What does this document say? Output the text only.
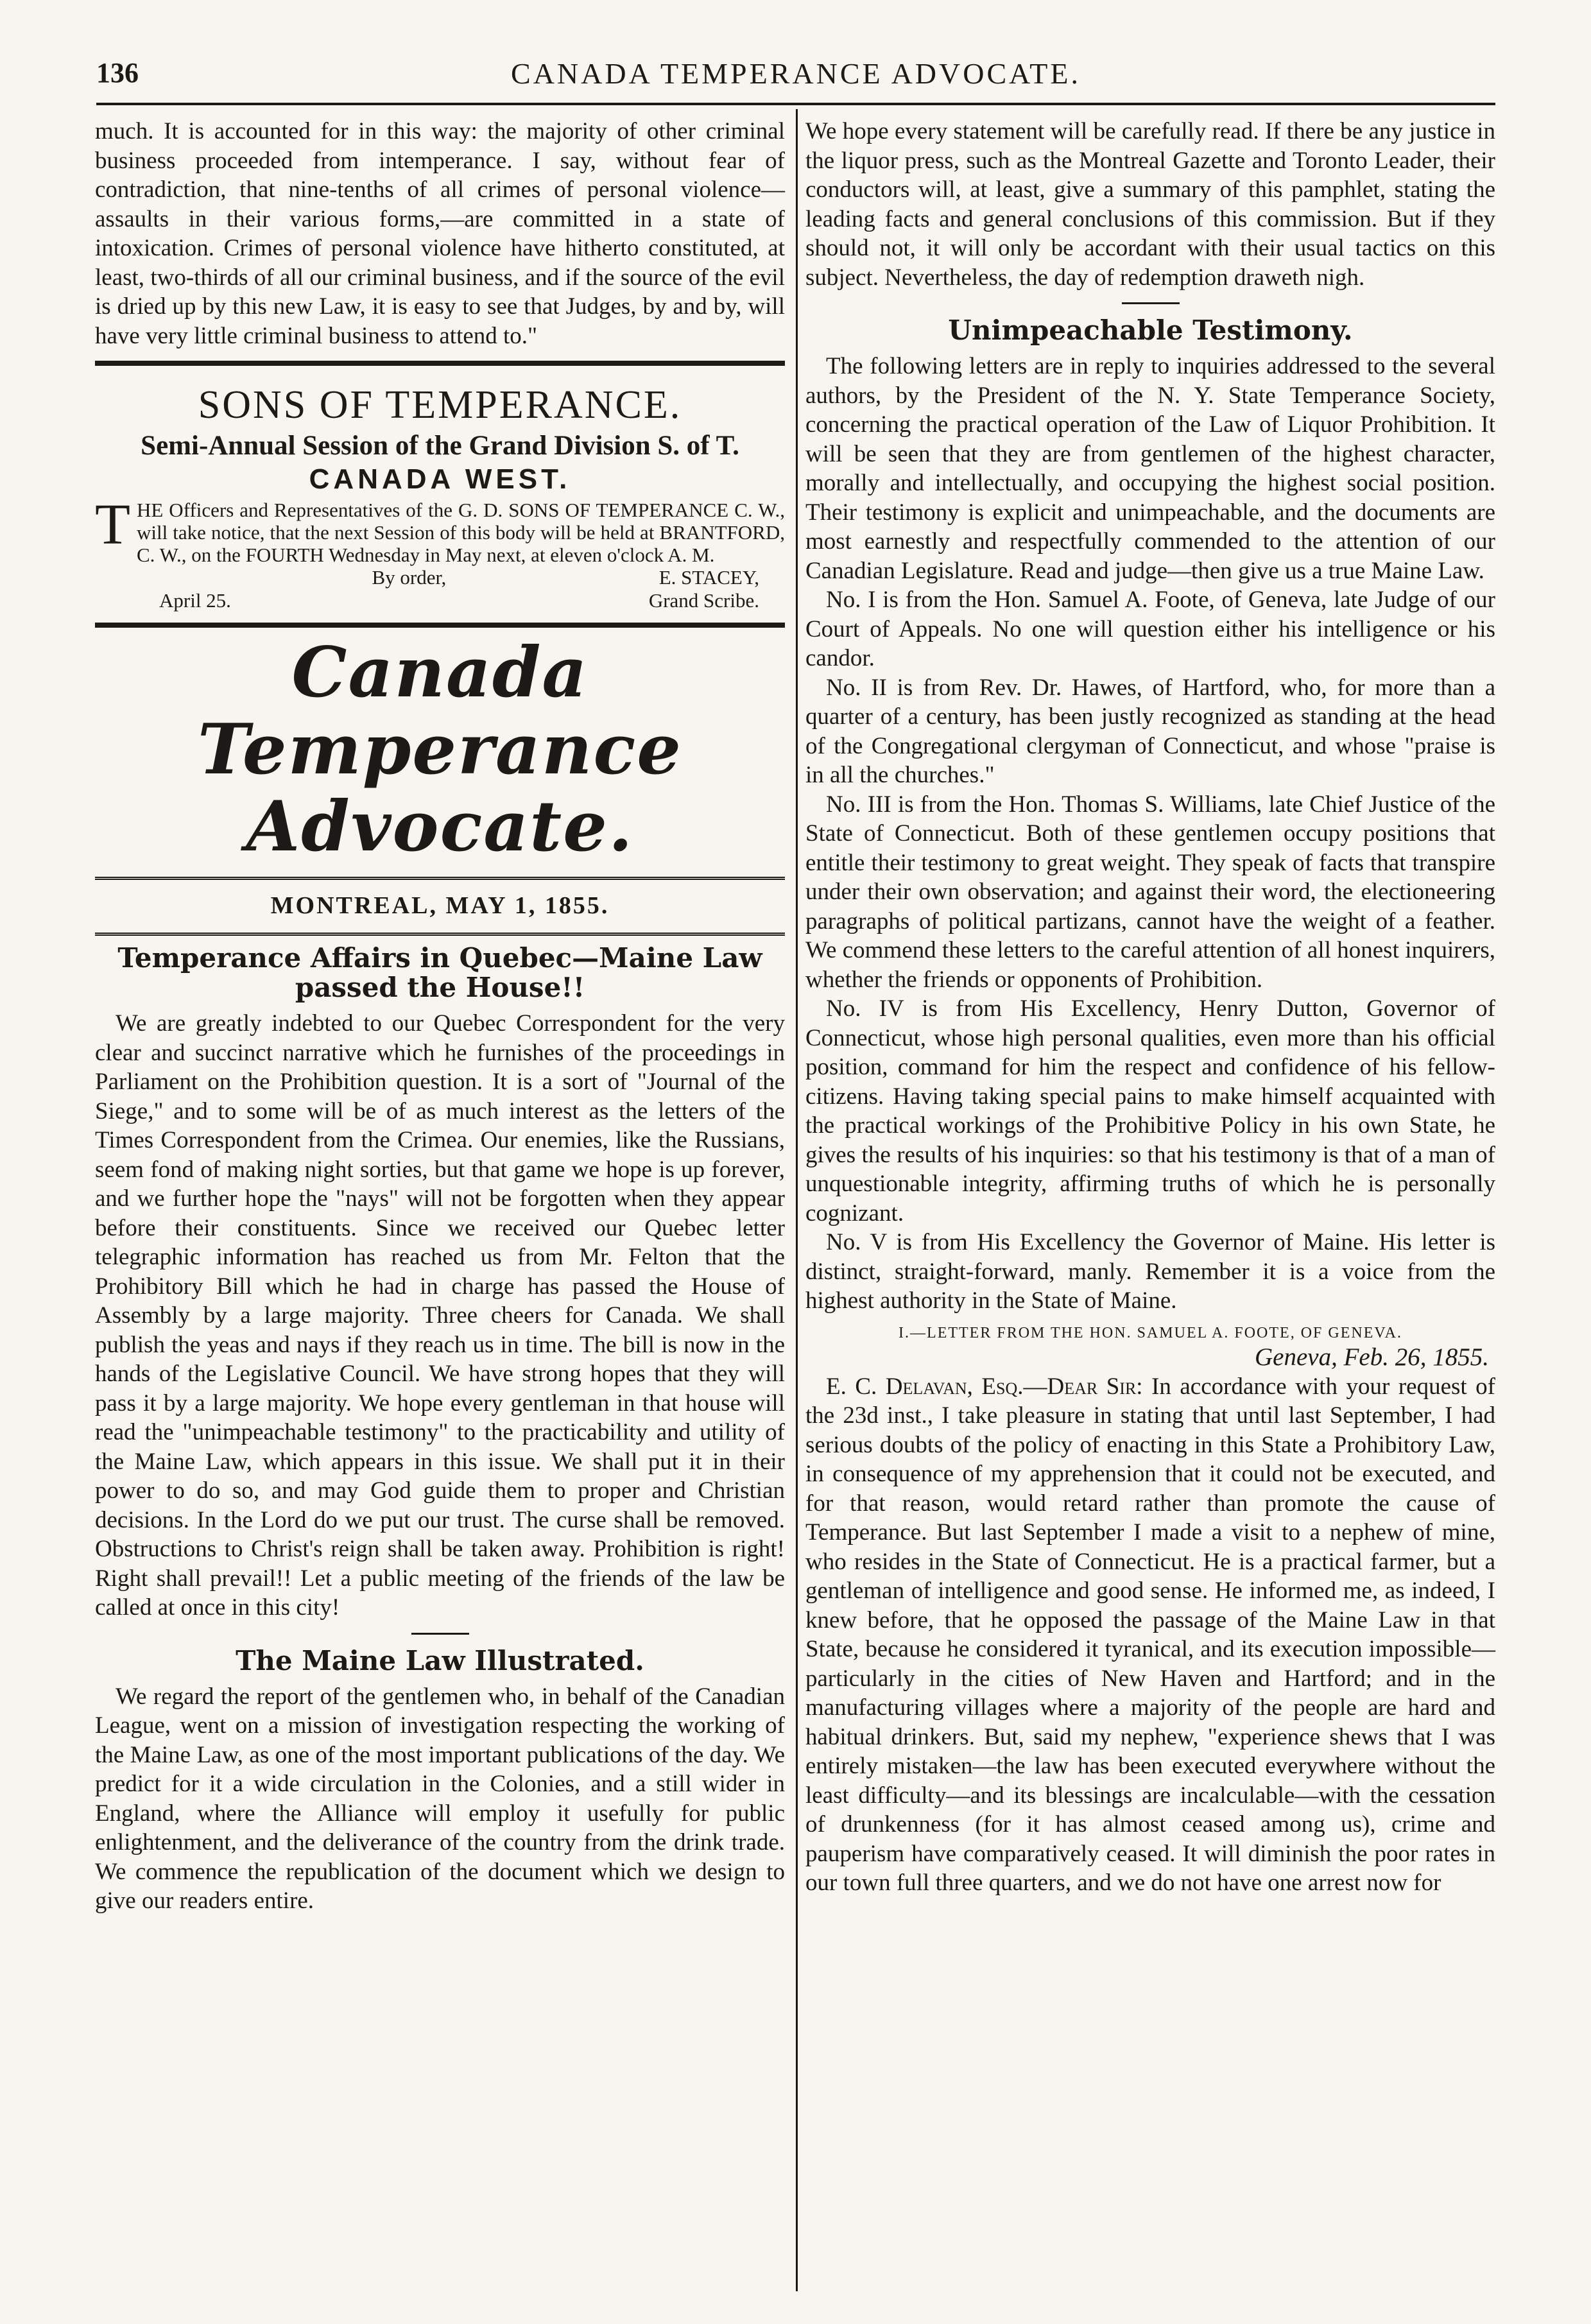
136	CANADA TEMPERANCE ADVOCATE.

much. It is accounted for in this way: the majority of other criminal business proceeded from intemperance. I say, without fear of contradiction, that nine-tenths of all crimes of personal violence—assaults in their various forms,—are committed in a state of intoxication. Crimes of personal violence have hitherto constituted, at least, two-thirds of all our criminal business, and if the source of the evil is dried up by this new Law, it is easy to see that Judges, by and by, will have very little criminal business to attend to."

SONS OF TEMPERANCE.
Semi-Annual Session of the Grand Division S. of T.
CANADA WEST.
THE Officers and Representatives of the G. D. SONS OF TEMPERANCE C. W., will take notice, that the next Session of this body will be held at BRANTFORD, C. W., on the FOURTH Wednesday in May next, at eleven o'clock A. M.
By order,	E. STACEY,
April 25.	Grand Scribe.
Canada Temperance Advocate.
MONTREAL, MAY 1, 1855.
Temperance Affairs in Quebec—Maine Law passed the House!!

We are greatly indebted to our Quebec Correspondent for the very clear and succinct narrative which he furnishes of the proceedings in Parliament on the Prohibition question. It is a sort of "Journal of the Siege," and to some will be of as much interest as the letters of the Times Correspondent from the Crimea. Our enemies, like the Russians, seem fond of making night sorties, but that game we hope is up forever, and we further hope the "nays" will not be forgotten when they appear before their constituents. Since we received our Quebec letter telegraphic information has reached us from Mr. Felton that the Prohibitory Bill which he had in charge has passed the House of Assembly by a large majority. Three cheers for Canada. We shall publish the yeas and nays if they reach us in time. The bill is now in the hands of the Legislative Council. We have strong hopes that they will pass it by a large majority. We hope every gentleman in that house will read the "unimpeachable testimony" to the practicability and utility of the Maine Law, which appears in this issue. We shall put it in their power to do so, and may God guide them to proper and Christian decisions. In the Lord do we put our trust. The curse shall be removed. Obstructions to Christ's reign shall be taken away. Prohibition is right! Right shall prevail!! Let a public meeting of the friends of the law be called at once in this city!

The Maine Law Illustrated.

We regard the report of the gentlemen who, in behalf of the Canadian League, went on a mission of investigation respecting the working of the Maine Law, as one of the most important publications of the day. We predict for it a wide circulation in the Colonies, and a still wider in England, where the Alliance will employ it usefully for public enlightenment, and the deliverance of the country from the drink trade. We commence the republication of the document which we design to give our readers entire.

We hope every statement will be carefully read. If there be any justice in the liquor press, such as the Montreal Gazette and Toronto Leader, their conductors will, at least, give a summary of this pamphlet, stating the leading facts and general conclusions of this commission. But if they should not, it will only be accordant with their usual tactics on this subject. Nevertheless, the day of redemption draweth nigh.

Unimpeachable Testimony.

The following letters are in reply to inquiries addressed to the several authors, by the President of the N. Y. State Temperance Society, concerning the practical operation of the Law of Liquor Prohibition. It will be seen that they are from gentlemen of the highest character, morally and intellectually, and occupying the highest social position. Their testimony is explicit and unimpeachable, and the documents are most earnestly and respectfully commended to the attention of our Canadian Legislature. Read and judge—then give us a true Maine Law.

No. I is from the Hon. Samuel A. Foote, of Geneva, late Judge of our Court of Appeals. No one will question either his intelligence or his candor.

No. II is from Rev. Dr. Hawes, of Hartford, who, for more than a quarter of a century, has been justly recognized as standing at the head of the Congregational clergyman of Connecticut, and whose "praise is in all the churches."

No. III is from the Hon. Thomas S. Williams, late Chief Justice of the State of Connecticut. Both of these gentlemen occupy positions that entitle their testimony to great weight. They speak of facts that transpire under their own observation; and against their word, the electioneering paragraphs of political partizans, cannot have the weight of a feather. We commend these letters to the careful attention of all honest inquirers, whether the friends or opponents of Prohibition.

No. IV is from His Excellency, Henry Dutton, Governor of Connecticut, whose high personal qualities, even more than his official position, command for him the respect and confidence of his fellow-citizens. Having taking special pains to make himself acquainted with the practical workings of the Prohibitive Policy in his own State, he gives the results of his inquiries: so that his testimony is that of a man of unquestionable integrity, affirming truths of which he is personally cognizant.

No. V is from His Excellency the Governor of Maine. His letter is distinct, straight-forward, manly. Remember it is a voice from the highest authority in the State of Maine.

I.—LETTER FROM THE HON. SAMUEL A. FOOTE, OF GENEVA.
Geneva, Feb. 26, 1855.

E. C. Delavan, Esq.—Dear Sir: In accordance with your request of the 23d inst., I take pleasure in stating that until last September, I had serious doubts of the policy of enacting in this State a Prohibitory Law, in consequence of my apprehension that it could not be executed, and for that reason, would retard rather than promote the cause of Temperance. But last September I made a visit to a nephew of mine, who resides in the State of Connecticut. He is a practical farmer, but a gentleman of intelligence and good sense. He informed me, as indeed, I knew before, that he opposed the passage of the Maine Law in that State, because he considered it tyranical, and its execution impossible—particularly in the cities of New Haven and Hartford; and in the manufacturing villages where a majority of the people are hard and habitual drinkers. But, said my nephew, "experience shews that I was entirely mistaken—the law has been executed everywhere without the least difficulty—and its blessings are incalculable—with the cessation of drunkenness (for it has almost ceased among us), crime and pauperism have comparatively ceased. It will diminish the poor rates in our town full three quarters, and we do not have one arrest now for
